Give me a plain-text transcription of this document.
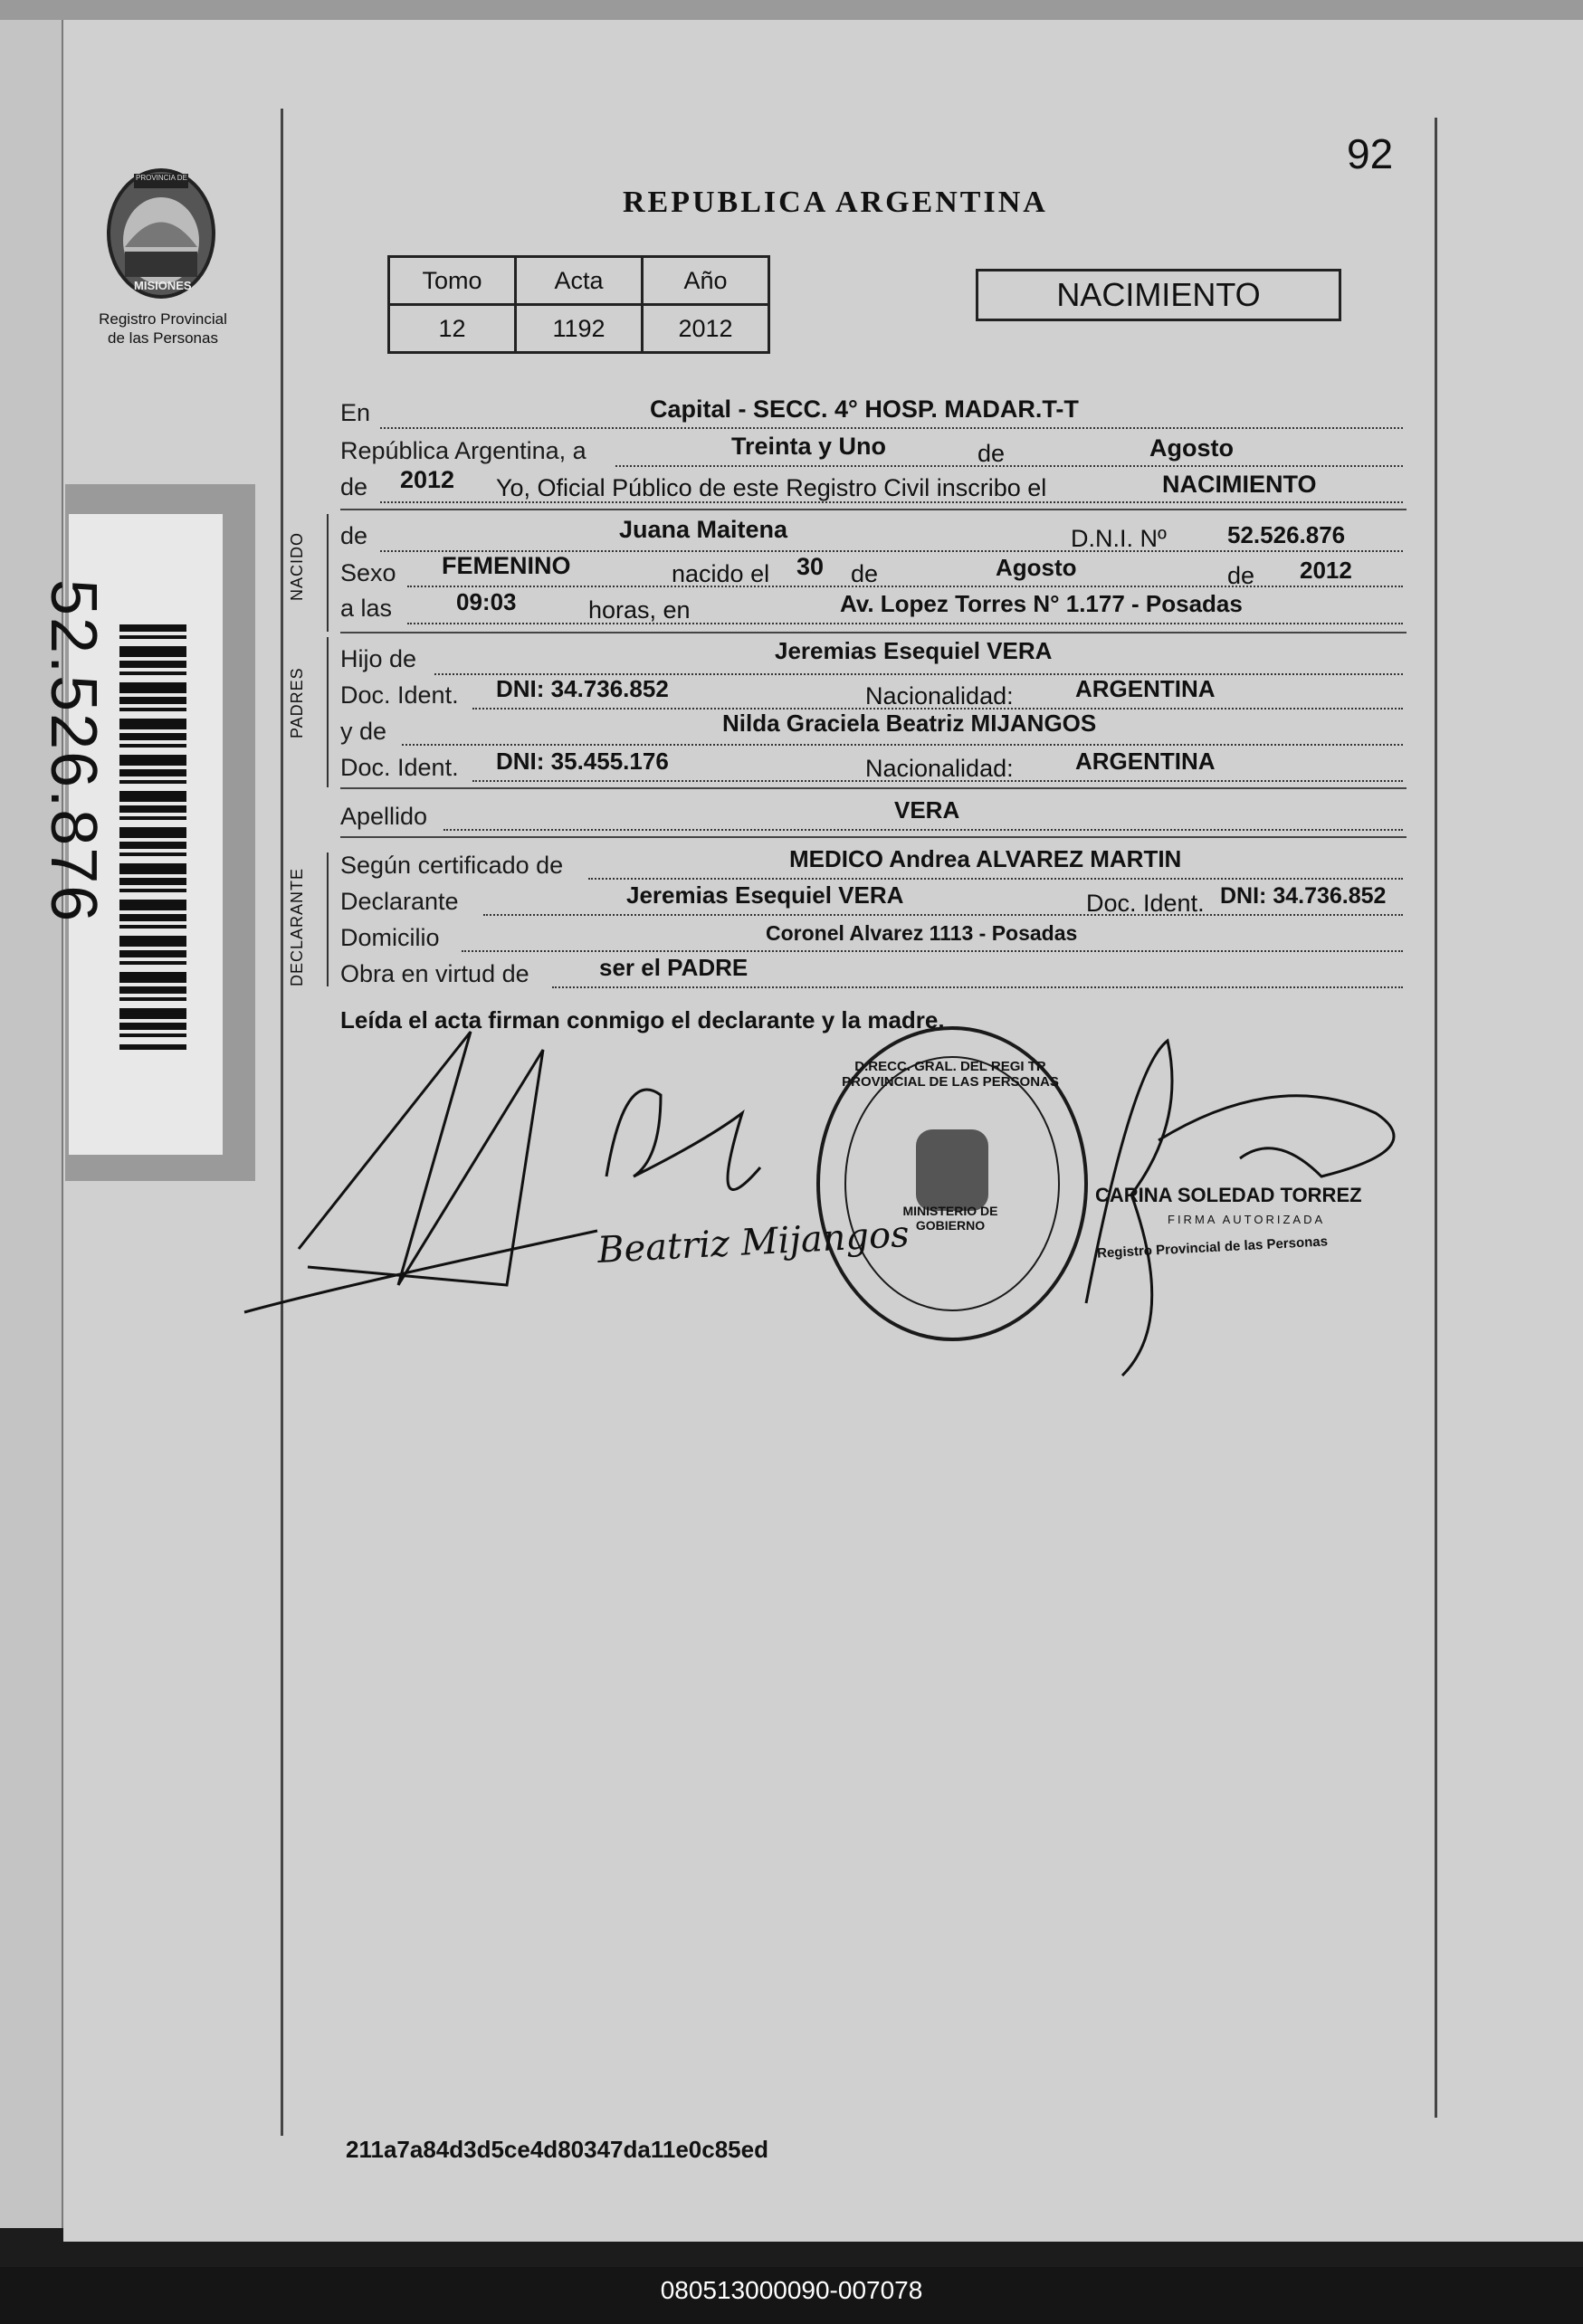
PROVINCIA DE
MISIONES
Registro Provincial
de las Personas
52.526.876
92
REPUBLICA ARGENTINA
Tomo	Acta	Año
12	1192	2012
NACIMIENTO
En	Capital - SECC. 4° HOSP. MADAR.T-T
República Argentina, a	Treinta y Uno	de	Agosto
de 2012 Yo, Oficial Público de este Registro Civil inscribo el	NACIMIENTO
NACIDO de	Juana Maitena	D.N.I. Nº	52.526.876
Sexo FEMENINO	nacido el 30 de	Agosto	de 2012
a las	09:03	horas, en	Av. Lopez Torres N° 1.177 - Posadas
PADRES
Hijo de	Jeremias Esequiel VERA
Doc. Ident. DNI: 34.736.852	Nacionalidad:	ARGENTINA
y de	Nilda Graciela Beatriz MIJANGOS
Doc. Ident. DNI: 35.455.176	Nacionalidad:	ARGENTINA
Apellido	VERA
DECLARANTE
Según certificado de	MEDICO Andrea ALVAREZ MARTIN
Declarante	Jeremias Esequiel VERA	Doc. Ident. DNI: 34.736.852
Domicilio	Coronel Alvarez 1113 - Posadas
Obra en virtud de	ser el PADRE
Leída el acta firman conmigo el declarante y la madre.
Beatriz Mijangos
MINISTERIO DE GOBIERNO
D.RECC. GRAL. DEL REGI TR PROVINCIAL DE LAS PERSONAS
CARINA SOLEDAD TORREZ
FIRMA AUTORIZADA
Registro Provincial de las Personas
211a7a84d3d5ce4d80347da11e0c85ed
080513000090-007078
